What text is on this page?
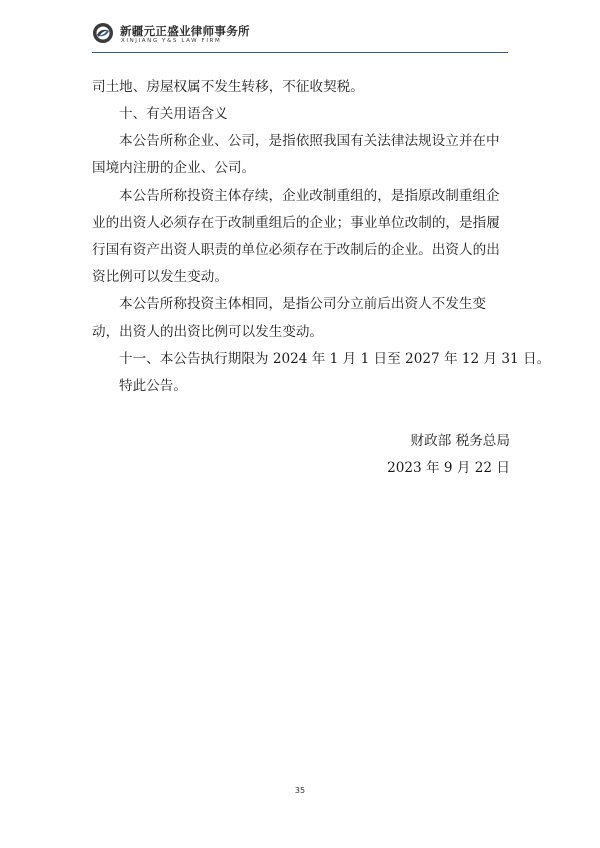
新疆元正盛业律师事务所
XINJIANG Y&S LAW FIRM

司土地、房屋权属不发生转移，不征收契税。

十、有关用语含义

本公告所称企业、公司，是指依照我国有关法律法规设立并在中

国境内注册的企业、公司。

本公告所称投资主体存续，企业改制重组的，是指原改制重组企

业的出资人必须存在于改制重组后的企业；事业单位改制的，是指履

行国有资产出资人职责的单位必须存在于改制后的企业。出资人的出

资比例可以发生变动。

本公告所称投资主体相同，是指公司分立前后出资人不发生变

动，出资人的出资比例可以发生变动。

十一、本公告执行期限为 2024 年 1 月 1 日至 2027 年 12 月 31 日。

特此公告。

财政部 税务总局
2023 年 9 月 22 日
35
